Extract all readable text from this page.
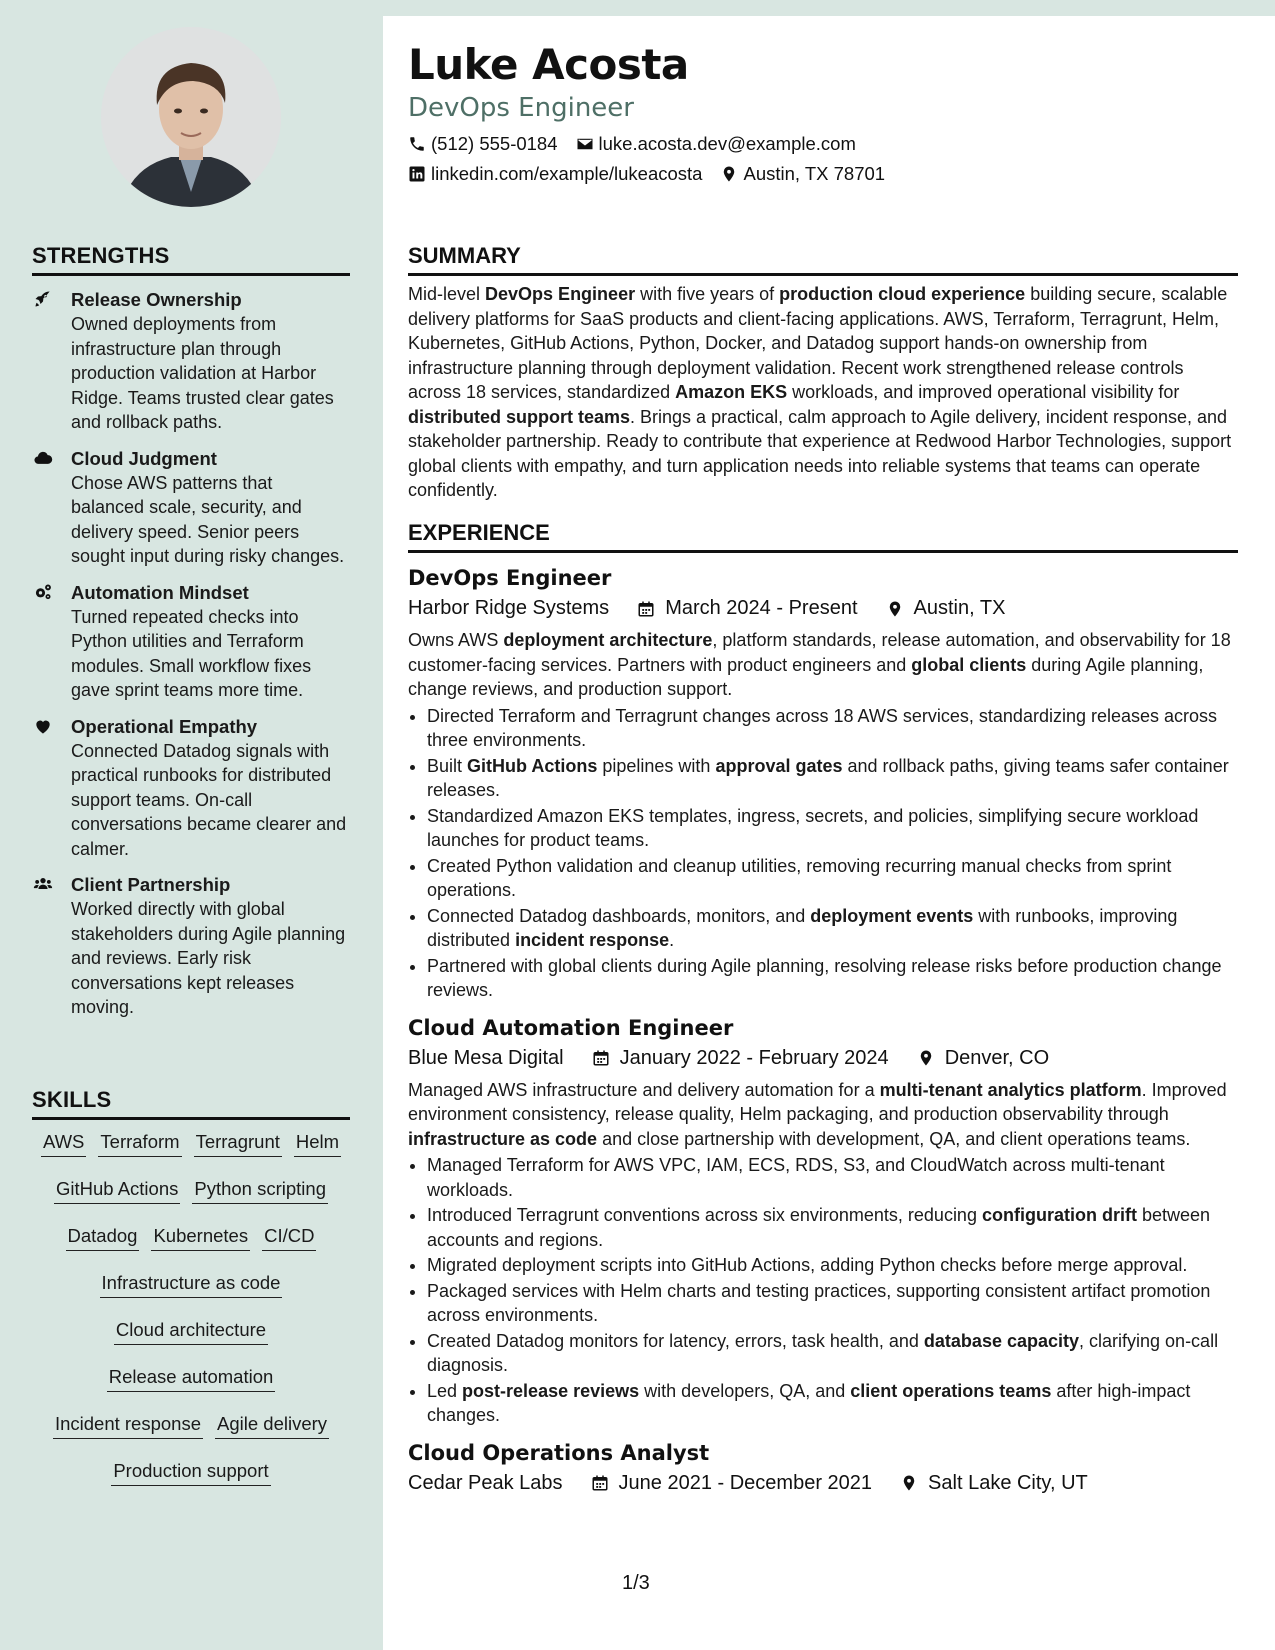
Luke Acosta
DevOps Engineer
(512) 555-0184 luke.acosta.dev@example.com
linkedin.com/example/lukeacosta Austin, TX 78701
STRENGTHS
Release Ownership
Owned deployments from infrastructure plan through production validation at Harbor Ridge. Teams trusted clear gates and rollback paths.
Cloud Judgment
Chose AWS patterns that balanced scale, security, and delivery speed. Senior peers sought input during risky changes.
Automation Mindset
Turned repeated checks into Python utilities and Terraform modules. Small workflow fixes gave sprint teams more time.
Operational Empathy
Connected Datadog signals with practical runbooks for distributed support teams. On-call conversations became clearer and calmer.
Client Partnership
Worked directly with global stakeholders during Agile planning and reviews. Early risk conversations kept releases moving.
SKILLS
AWS Terraform Terragrunt Helm
GitHub Actions Python scripting
Datadog Kubernetes CI/CD
Infrastructure as code
Cloud architecture
Release automation
Incident response Agile delivery
Production support
SUMMARY
Mid-level DevOps Engineer with five years of production cloud experience building secure, scalable delivery platforms for SaaS products and client-facing applications. AWS, Terraform, Terragrunt, Helm, Kubernetes, GitHub Actions, Python, Docker, and Datadog support hands-on ownership from infrastructure planning through deployment validation. Recent work strengthened release controls across 18 services, standardized Amazon EKS workloads, and improved operational visibility for distributed support teams. Brings a practical, calm approach to Agile delivery, incident response, and stakeholder partnership. Ready to contribute that experience at Redwood Harbor Technologies, support global clients with empathy, and turn application needs into reliable systems that teams can operate confidently.
EXPERIENCE
DevOps Engineer
Harbor Ridge Systems	March 2024 - Present	Austin, TX
Owns AWS deployment architecture, platform standards, release automation, and observability for 18 customer-facing services. Partners with product engineers and global clients during Agile planning, change reviews, and production support.
• Directed Terraform and Terragrunt changes across 18 AWS services, standardizing releases across three environments.
• Built GitHub Actions pipelines with approval gates and rollback paths, giving teams safer container releases.
• Standardized Amazon EKS templates, ingress, secrets, and policies, simplifying secure workload launches for product teams.
• Created Python validation and cleanup utilities, removing recurring manual checks from sprint operations.
• Connected Datadog dashboards, monitors, and deployment events with runbooks, improving distributed incident response.
• Partnered with global clients during Agile planning, resolving release risks before production change reviews.
Cloud Automation Engineer
Blue Mesa Digital	January 2022 - February 2024	Denver, CO
Managed AWS infrastructure and delivery automation for a multi-tenant analytics platform. Improved environment consistency, release quality, Helm packaging, and production observability through infrastructure as code and close partnership with development, QA, and client operations teams.
• Managed Terraform for AWS VPC, IAM, ECS, RDS, S3, and CloudWatch across multi-tenant workloads.
• Introduced Terragrunt conventions across six environments, reducing configuration drift between accounts and regions.
• Migrated deployment scripts into GitHub Actions, adding Python checks before merge approval.
• Packaged services with Helm charts and testing practices, supporting consistent artifact promotion across environments.
• Created Datadog monitors for latency, errors, task health, and database capacity, clarifying on-call diagnosis.
• Led post-release reviews with developers, QA, and client operations teams after high-impact changes.
Cloud Operations Analyst
Cedar Peak Labs	June 2021 - December 2021	Salt Lake City, UT
1/3
